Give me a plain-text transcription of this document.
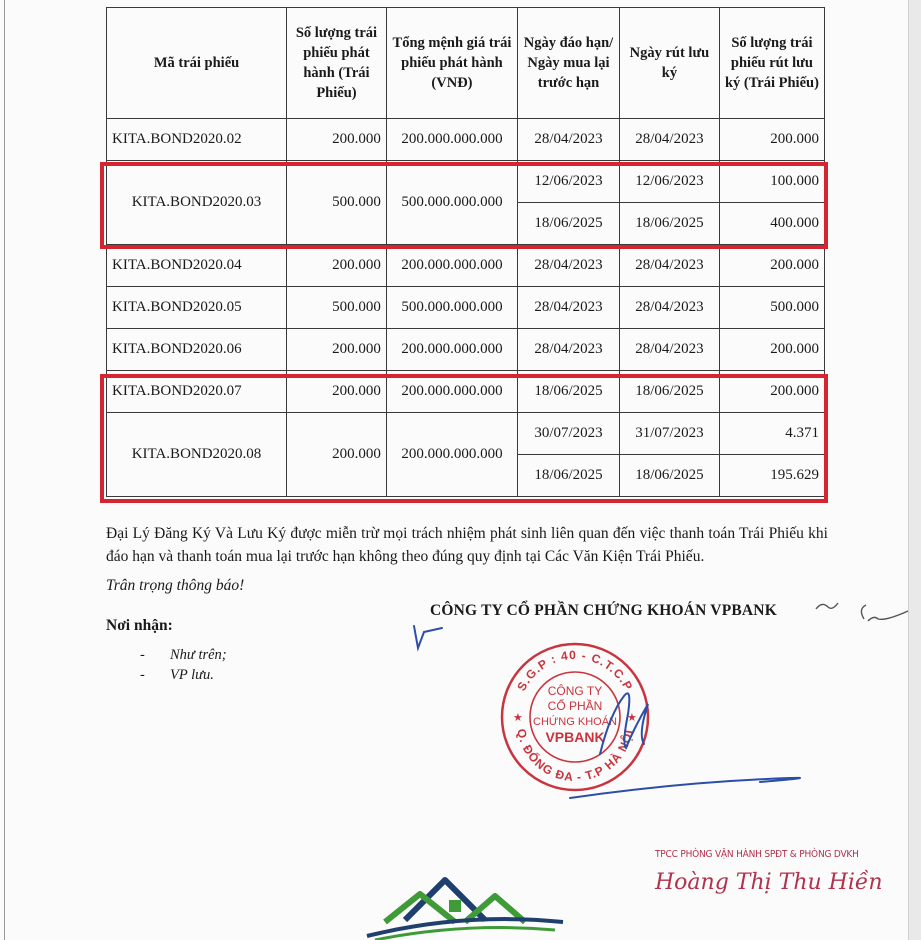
Mã trái phiếu	Số lượng trái phiếu phát hành (Trái Phiếu)	Tổng mệnh giá trái phiếu phát hành (VNĐ)	Ngày đáo hạn/ Ngày mua lại trước hạn	Ngày rút lưu ký	Số lượng trái phiếu rút lưu ký (Trái Phiếu)
KITA.BOND2020.02	200.000	200.000.000.000	28/04/2023	28/04/2023	200.000
KITA.BOND2020.03	500.000	500.000.000.000	12/06/2023	12/06/2023	100.000
			18/06/2025	18/06/2025	400.000
KITA.BOND2020.04	200.000	200.000.000.000	28/04/2023	28/04/2023	200.000
KITA.BOND2020.05	500.000	500.000.000.000	28/04/2023	28/04/2023	500.000
KITA.BOND2020.06	200.000	200.000.000.000	28/04/2023	28/04/2023	200.000
KITA.BOND2020.07	200.000	200.000.000.000	18/06/2025	18/06/2025	200.000
KITA.BOND2020.08	200.000	200.000.000.000	30/07/2023	31/07/2023	4.371
			18/06/2025	18/06/2025	195.629
Đại Lý Đăng Ký Và Lưu Ký được miễn trừ mọi trách nhiệm phát sinh liên quan đến việc thanh toán Trái Phiếu khi đáo hạn và thanh toán mua lại trước hạn không theo đúng quy định tại Các Văn Kiện Trái Phiếu.
Trân trọng thông báo!
Nơi nhận:
- Như trên;
- VP lưu.
CÔNG TY CỔ PHẦN CHỨNG KHOÁN VPBANK
S.G.P : 40 - C.T.C.P
Q. ĐỐNG ĐA - T.P HÀ NỘI
★	★
CÔNG TY
CỔ PHẦN
CHỨNG KHOÁN
VPBANK
TPCC PHÒNG VẬN HÀNH SPĐT & PHÒNG DVKH
Hoàng Thị Thu Hiền
